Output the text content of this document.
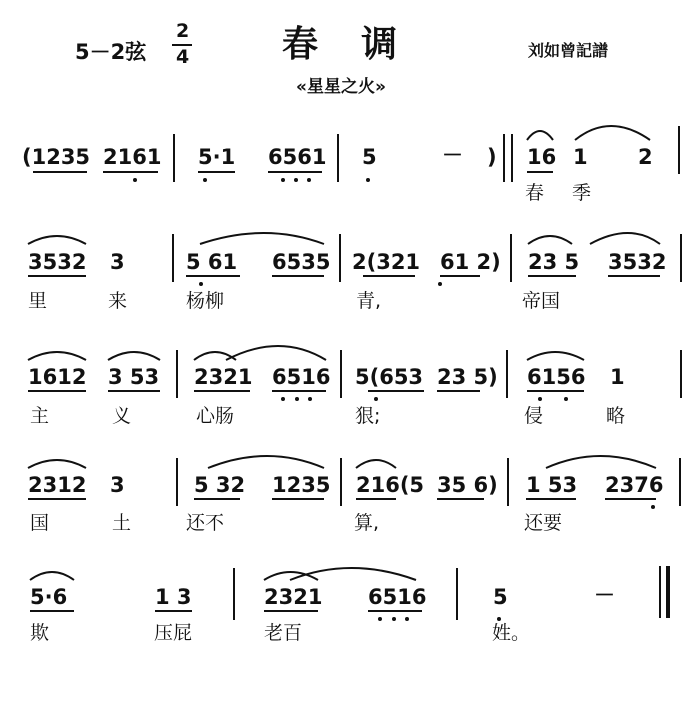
5－2弦
2
4	春  调
«星星之火»
刘如曾記譜
(1235 2161 5·1 6561 5	－ ) 16 1 2
春 季
3532 3	5 61 6535 2(321 61 2) 23 5 3532
里	来	杨柳	青,	帝国
1612 3 53 2321 6516 5(653 23 5) 6156 1
主	义	心肠	狠;	侵	略
2312 3	5 32 1235 216(5 35 6) 1 53 2376
国	土	还不	算,	还要
5·6	1 3	2321 6516	5	－
欺	压屁	老百	姓。
